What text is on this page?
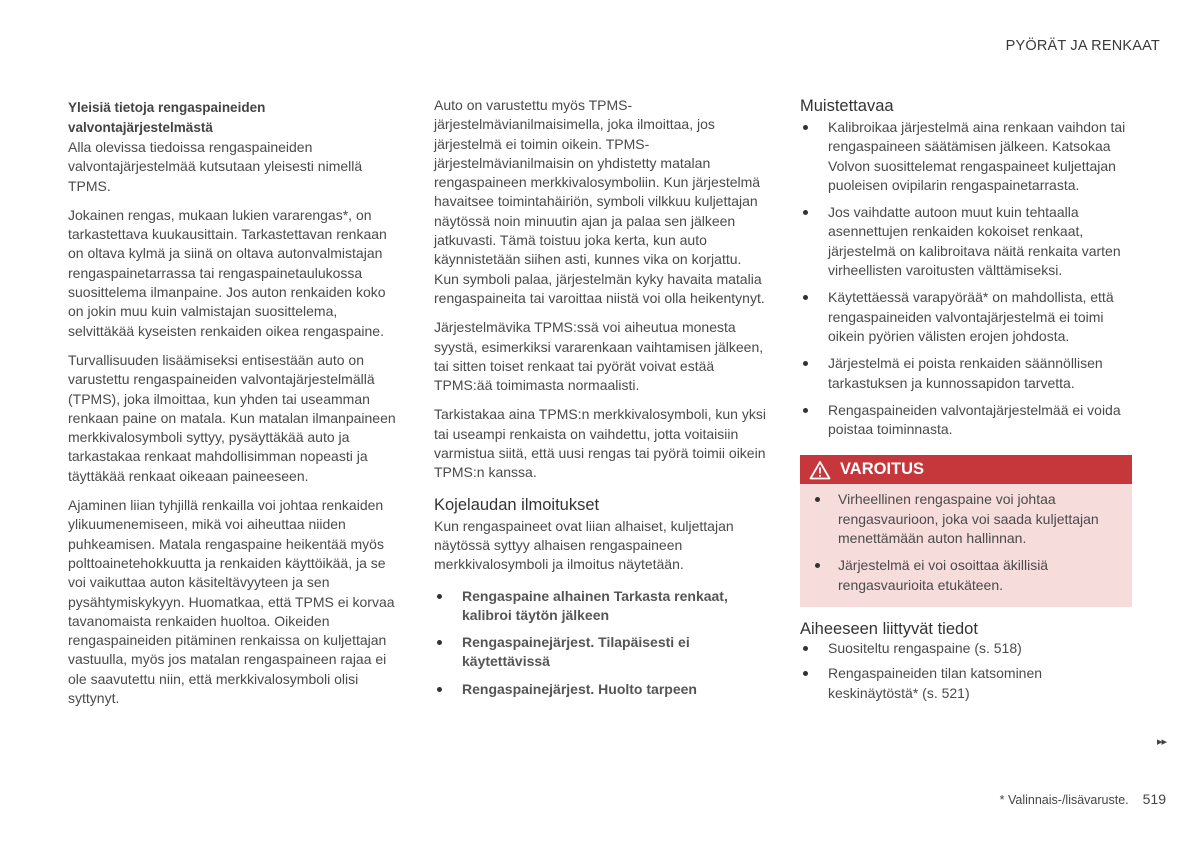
PYÖRÄT JA RENKAAT
Yleisiä tietoja rengaspaineiden valvontajärjestelmästä

Alla olevissa tiedoissa rengaspaineiden valvontajärjestelmää kutsutaan yleisesti nimellä TPMS.

Jokainen rengas, mukaan lukien vararengas*, on tarkastettava kuukausittain. Tarkastettavan renkaan on oltava kylmä ja siinä on oltava autonvalmistajan rengaspainetarrassa tai rengaspainetaulukossa suosittelema ilmanpaine. Jos auton renkaiden koko on jokin muu kuin valmistajan suosittelema, selvittäkää kyseisten renkaiden oikea rengaspaine.

Turvallisuuden lisäämiseksi entisestään auto on varustettu rengaspaineiden valvontajärjestelmällä (TPMS), joka ilmoittaa, kun yhden tai useamman renkaan paine on matala. Kun matalan ilmanpaineen merkkivalosymboli syttyy, pysäyttäkää auto ja tarkastakaa renkaat mahdollisimman nopeasti ja täyttäkää renkaat oikeaan paineeseen.

Ajaminen liian tyhjillä renkailla voi johtaa renkaiden ylikuumenemiseen, mikä voi aiheuttaa niiden puhkeamisen. Matala rengaspaine heikentää myös polttoainetehokkuutta ja renkaiden käyttöikää, ja se voi vaikuttaa auton käsiteltävyyteen ja sen pysähtymiskykyyn. Huomatkaa, että TPMS ei korvaa tavanomaista renkaiden huoltoa. Oikeiden rengaspaineiden pitäminen renkaissa on kuljettajan vastuulla, myös jos matalan rengaspaineen rajaa ei ole saavutettu niin, että merkkivalosymboli olisi syttynyt.

Auto on varustettu myös TPMS-järjestelmävianilmaisimella, joka ilmoittaa, jos järjestelmä ei toimin oikein. TPMS-järjestelmävianilmaisin on yhdistetty matalan rengaspaineen merkkivalosymboliin. Kun järjestelmä havaitsee toimintahäiriön, symboli vilkkuu kuljettajan näytössä noin minuutin ajan ja palaa sen jälkeen jatkuvasti. Tämä toistuu joka kerta, kun auto käynnistetään siihen asti, kunnes vika on korjattu. Kun symboli palaa, järjestelmän kyky havaita matalia rengaspaineita tai varoittaa niistä voi olla heikentynyt.

Järjestelmävika TPMS:ssä voi aiheutua monesta syystä, esimerkiksi vararenkaan vaihtamisen jälkeen, tai sitten toiset renkaat tai pyörät voivat estää TPMS:ää toimimasta normaalisti.

Tarkistakaa aina TPMS:n merkkivalosymboli, kun yksi tai useampi renkaista on vaihdettu, jotta voitaisiin varmistua siitä, että uusi rengas tai pyörä toimii oikein TPMS:n kanssa.

Kojelaudan ilmoitukset

Kun rengaspaineet ovat liian alhaiset, kuljettajan näytössä syttyy alhaisen rengaspaineen merkkivalosymboli ja ilmoitus näytetään.

Rengaspaine alhainen Tarkasta renkaat, kalibroi täytön jälkeen
Rengaspainejärjest. Tilapäisesti ei käytettävissä
Rengaspainejärjest. Huolto tarpeen
Muistettavaa
Kalibroikaa järjestelmä aina renkaan vaihdon tai rengaspaineen säätämisen jälkeen. Katsokaa Volvon suosittelemat rengaspaineet kuljettajan puoleisen ovipilarin rengaspainetarrasta.
Jos vaihdatte autoon muut kuin tehtaalla asennettujen renkaiden kokoiset renkaat, järjestelmä on kalibroitava näitä renkaita varten virheellisten varoitusten välttämiseksi.
Käytettäessä varapyörää* on mahdollista, että rengaspaineiden valvontajärjestelmä ei toimi oikein pyörien välisten erojen johdosta.
Järjestelmä ei poista renkaiden säännöllisen tarkastuksen ja kunnossapidon tarvetta.
Rengaspaineiden valvontajärjestelmää ei voida poistaa toiminnasta.
VAROITUS
Virheellinen rengaspaine voi johtaa rengasvaurioon, joka voi saada kuljettajan menettämään auton hallinnan.
Järjestelmä ei voi osoittaa äkillisiä rengasvaurioita etukäteen.
Aiheeseen liittyvät tiedot
Suositeltu rengaspaine (s. 518)
Rengaspaineiden tilan katsominen keskinäytöstä* (s. 521)
▸▸
* Valinnais-/lisävaruste. 519
